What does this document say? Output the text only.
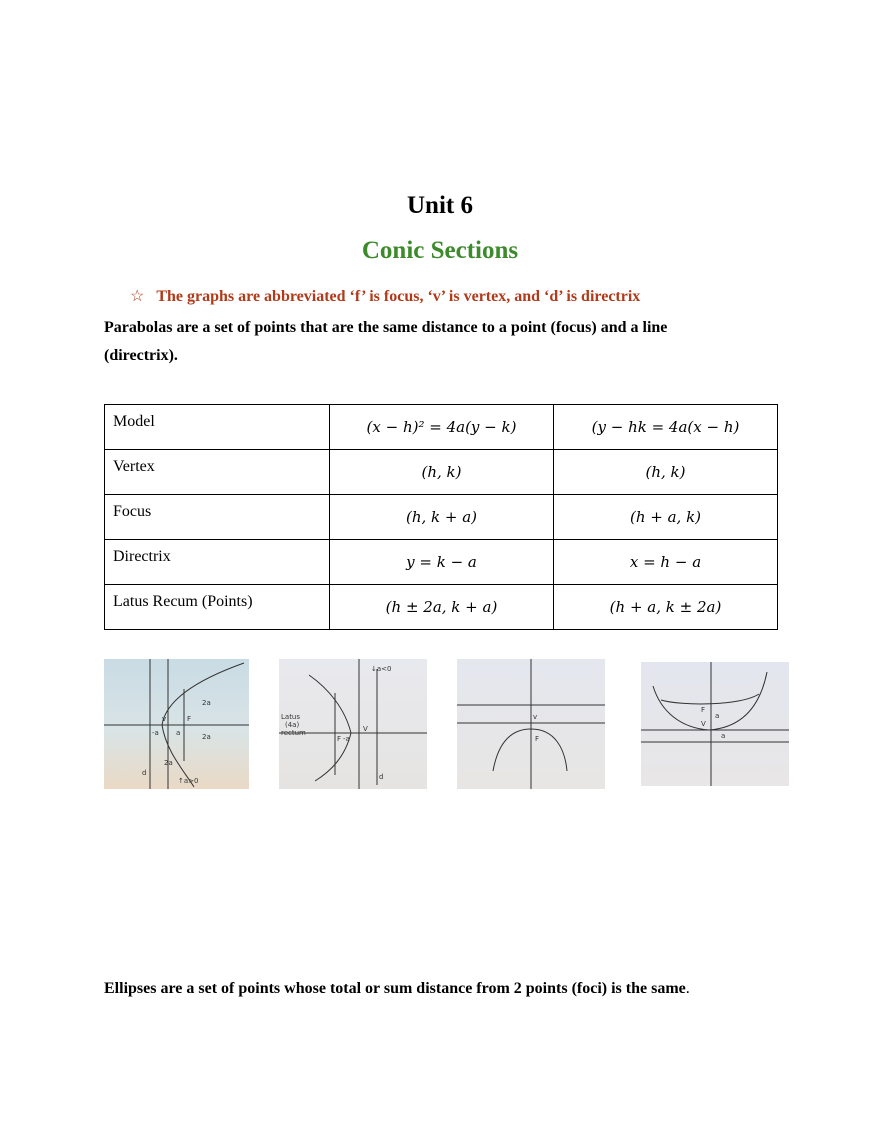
Unit 6
Conic Sections
☆ The graphs are abbreviated ‘f’ is focus, ‘v’ is vertex, and ‘d’ is directrix
Parabolas are a set of points that are the same distance to a point (focus) and a line (directrix).
Model	(x − h)² = 4a(y − k)	(y − hk = 4a(x − h)
Vertex	(h, k)	(h, k)
Focus	(h, k + a)	(h + a, k)
Directrix	y = k − a	x = h − a
Latus Recum (Points)	(h ± 2a, k + a)	(h + a, k ± 2a)
2a
2a
v	F
-a a
d
2a
↑a>0
↓a<0
Latus
(4a)
rectum
F -a
V
d
v
F
a
F
V
a
Ellipses are a set of points whose total or sum distance from 2 points (foci) is the same.
